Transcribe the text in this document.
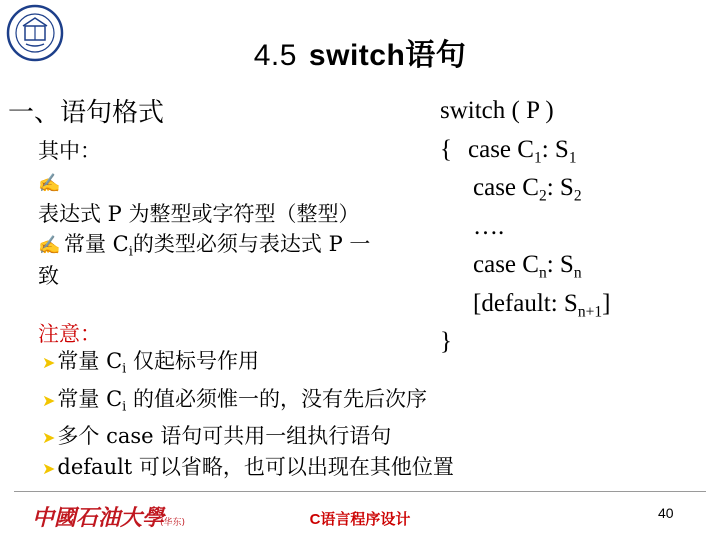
4.5 switch语句
一、语句格式
其中：
✍表达式 P 为整型或字符型（整型）
✍ 常量 $C_i$的类型必须与表达式 P 一致
switch ( P )
{ case $C_1$: $S_1$
case $C_2$: $S_2$
….
case $C_n$: $S_n$
[default: $S_{n+1}$]
}
注意：
➤常量 $C_i$ 仅起标号作用
➤常量 $C_i$ 的值必须惟一的，没有先后次序
➤多个 case 语句可共用一组执行语句
➤default 可以省略，也可以出现在其他位置
中國石油大學
(华东)	C语言程序设计	40
